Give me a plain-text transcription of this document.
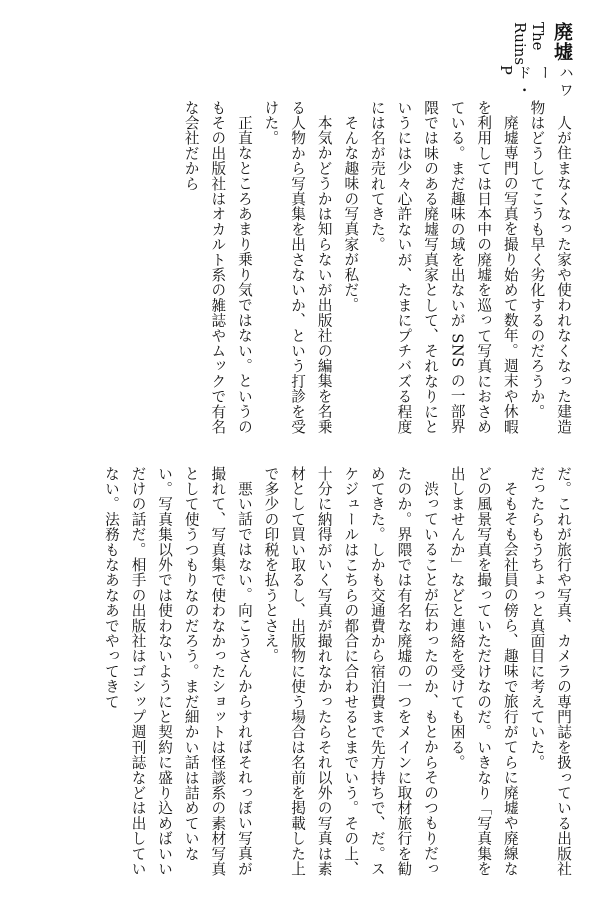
廃墟
The Ruins
ハワード・P

人が住まなくなった家や使われなくなった建造物はどうしてこうも早く劣化するのだろうか。

廃墟専門の写真を撮り始めて数年。週末や休暇を利用しては日本中の廃墟を巡って写真におさめている。まだ趣味の域を出ないが SNS の一部界隈では味のある廃墟写真家として、それなりにというには少々心許ないが、たまにプチバズる程度には名が売れてきた。

そんな趣味の写真家が私だ。

本気かどうかは知らないが出版社の編集を名乗る人物から写真集を出さないか、という打診を受けた。

正直なところあまり乗り気ではない。というのもその出版社はオカルト系の雑誌やムックで有名な会社だから

だ。これが旅行や写真、カメラの専門誌を扱っている出版社だったらもうちょっと真面目に考えていた。

そもそも会社員の傍ら、趣味で旅行がてらに廃墟や廃線などの風景写真を撮っていただけなのだ。いきなり「写真集を出しませんか」などと連絡を受けても困る。

渋っていることが伝わったのか、もとからそのつもりだったのか。界隈では有名な廃墟の一つをメインに取材旅行を勧めてきた。しかも交通費から宿泊費まで先方持ちで、だ。スケジュールはこちらの都合に合わせるとまでいう。その上、十分に納得がいく写真が撮れなかったらそれ以外の写真は素材として買い取るし、出版物に使う場合は名前を掲載した上で多少の印税を払うとさえ。

悪い話ではない。向こうさんからすればそれっぽい写真が撮れて、写真集で使わなかったショットは怪談系の素材写真として使うつもりなのだろう。まだ細かい話は詰めていない。写真集以外では使わないようにと契約に盛り込めばいいだけの話だ。相手の出版社はゴシップ週刊誌などは出していない。法務もなあなあでやってきて
